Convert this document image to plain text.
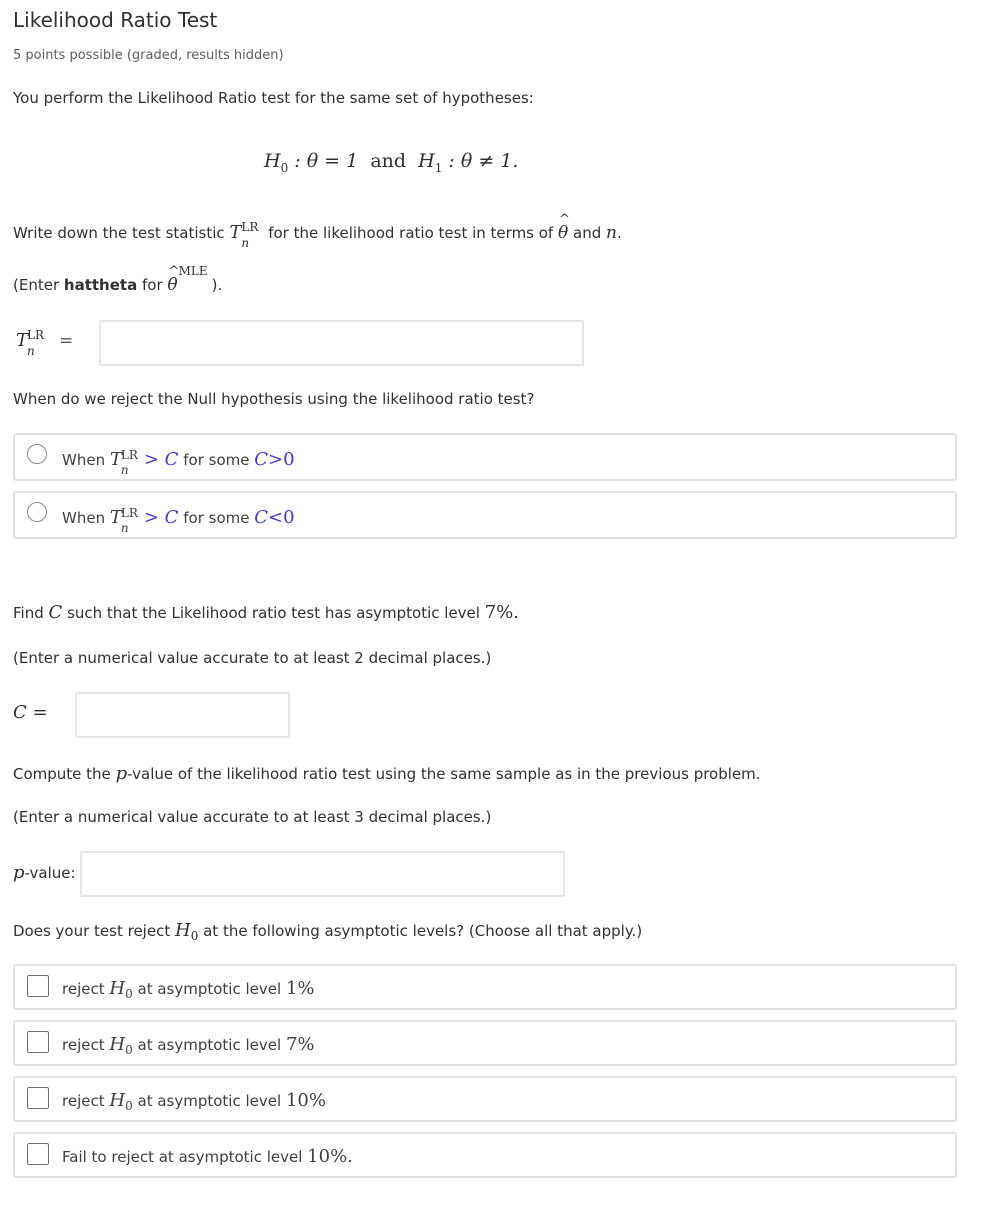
Likelihood Ratio Test
5 points possible (graded, results hidden)
You perform the Likelihood Ratio test for the same set of hypotheses:
$H_0$ : θ = 1 and $H_1$ : θ ≠ 1.
Write down the test statistic T LR
n
for the likelihood ratio test in terms of ^ θ and n.
(Enter hattheta for ^ θ
MLE
).
T LR
n =
When do we reject the Null hypothesis using the likelihood ratio test?
When T LR
n > C for some C>0
When T LR
n > C for some C<0
Find C such that the Likelihood ratio test has asymptotic level 7%.
(Enter a numerical value accurate to at least 2 decimal places.)
C =
Compute the p-value of the likelihood ratio test using the same sample as in the previous problem.
(Enter a numerical value accurate to at least 3 decimal places.)
p-value:
Does your test reject $H_0$ at the following asymptotic levels? (Choose all that apply.)
reject $H_0$ at asymptotic level 1%
reject $H_0$ at asymptotic level 7%
reject $H_0$ at asymptotic level 10%
Fail to reject at asymptotic level 10%.
